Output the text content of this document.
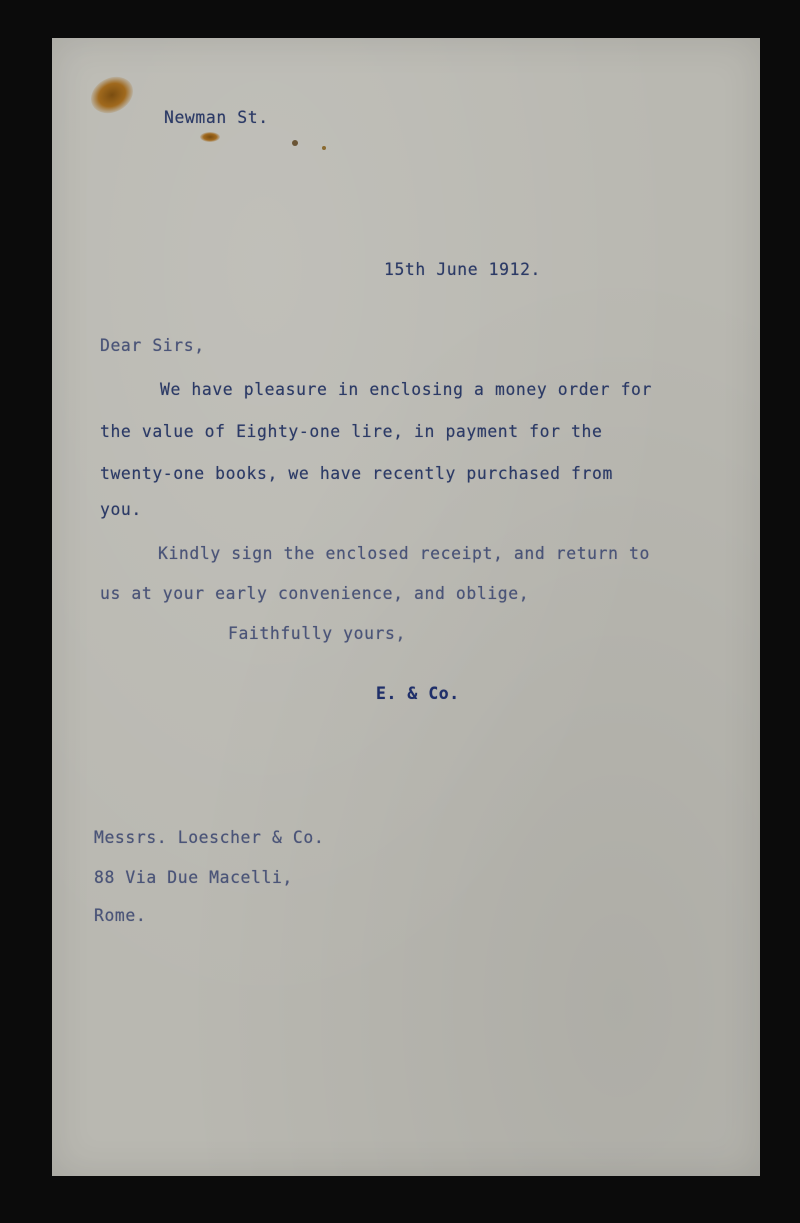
Newman St.
15th June 1912.
Dear Sirs,
We have pleasure in enclosing a money order for
the value of Eighty-one lire, in payment for the
twenty-one books, we have recently purchased from
you.
Kindly sign the enclosed receipt, and return to
us at your early convenience, and oblige,
Faithfully yours,
E. & Co.
Messrs. Loescher & Co.
88 Via Due Macelli,
Rome.
